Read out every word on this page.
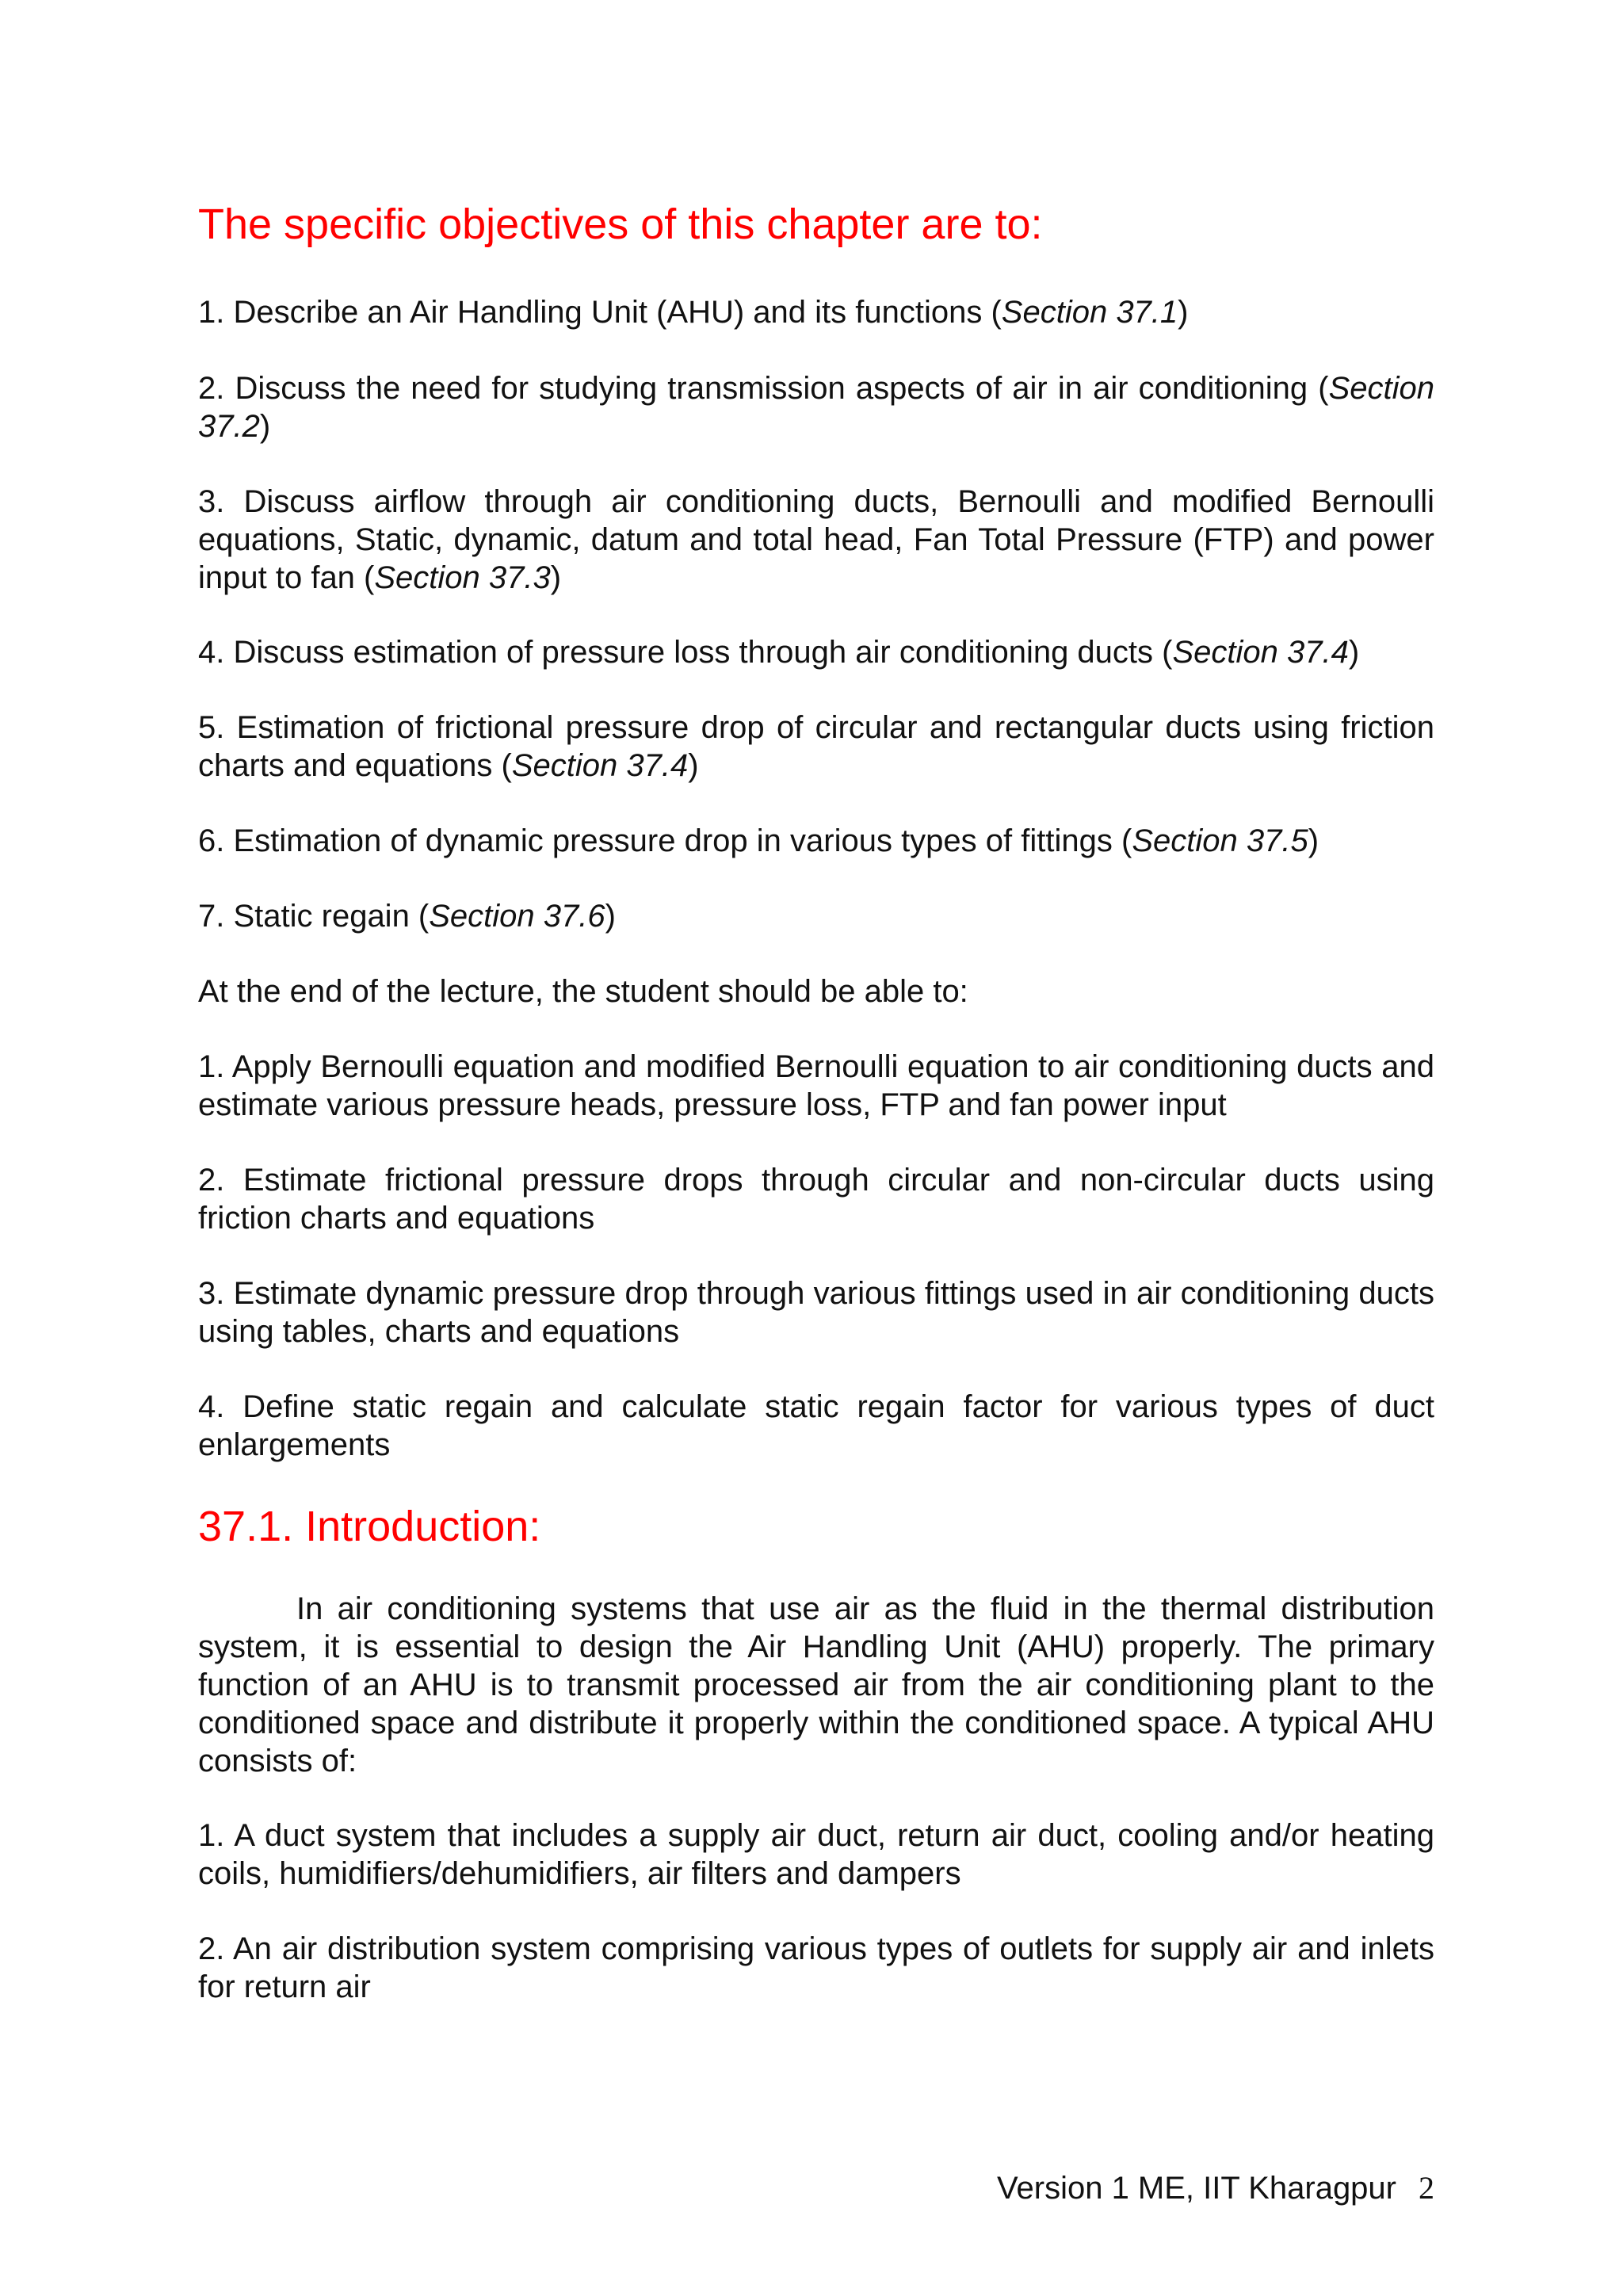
The specific objectives of this chapter are to:

1. Describe an Air Handling Unit (AHU) and its functions (Section 37.1)

2. Discuss the need for studying transmission aspects of air in air conditioning (Section 37.2)

3. Discuss airflow through air conditioning ducts, Bernoulli and modified Bernoulli equations, Static, dynamic, datum and total head, Fan Total Pressure (FTP) and power input to fan (Section 37.3)

4. Discuss estimation of pressure loss through air conditioning ducts (Section 37.4)

5. Estimation of frictional pressure drop of circular and rectangular ducts using friction charts and equations (Section 37.4)

6. Estimation of dynamic pressure drop in various types of fittings (Section 37.5)

7. Static regain (Section 37.6)

At the end of the lecture, the student should be able to:

1. Apply Bernoulli equation and modified Bernoulli equation to air conditioning ducts and estimate various pressure heads, pressure loss, FTP and fan power input

2. Estimate frictional pressure drops through circular and non-circular ducts using friction charts and equations

3. Estimate dynamic pressure drop through various fittings used in air conditioning ducts using tables, charts and equations

4. Define static regain and calculate static regain factor for various types of duct enlargements

37.1. Introduction:

In air conditioning systems that use air as the fluid in the thermal distribution system, it is essential to design the Air Handling Unit (AHU) properly. The primary function of an AHU is to transmit processed air from the air conditioning plant to the conditioned space and distribute it properly within the conditioned space. A typical AHU consists of:

1. A duct system that includes a supply air duct, return air duct, cooling and/or heating coils, humidifiers/dehumidifiers, air filters and dampers

2. An air distribution system comprising various types of outlets for supply air and inlets for return air

Version 1 ME, IIT Kharagpur 2
